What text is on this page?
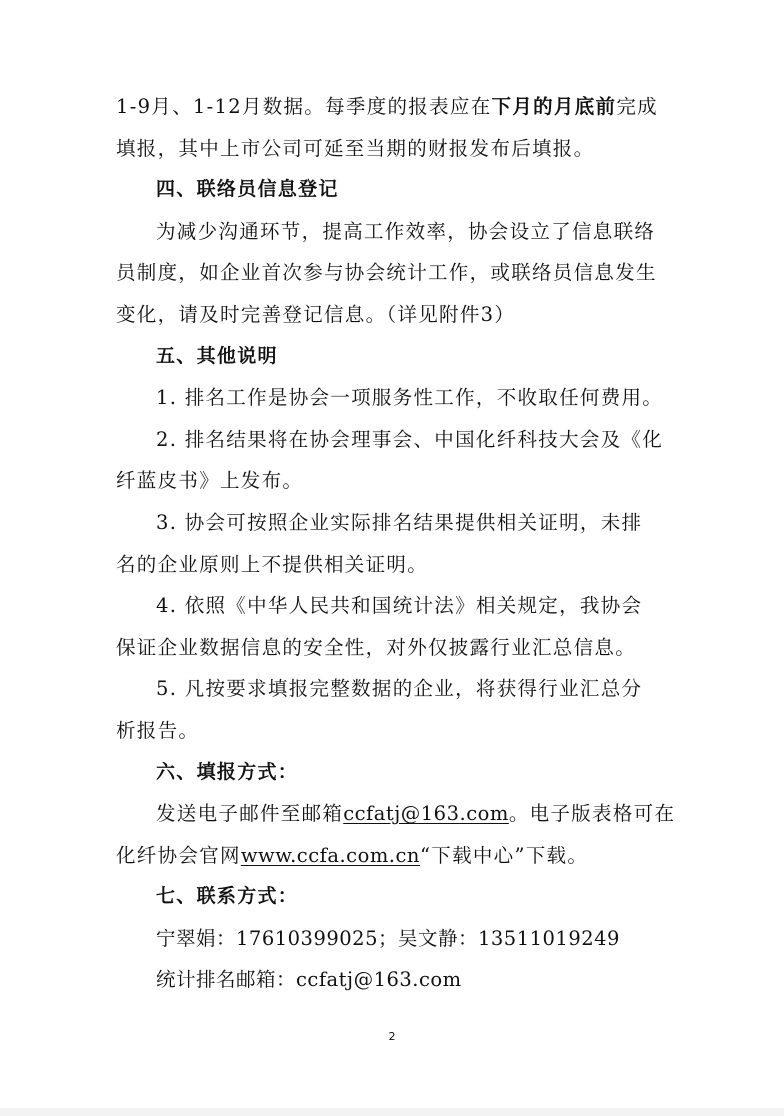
1-9月、1-12月数据。每季度的报表应在下月的月底前完成
填报，其中上市公司可延至当期的财报发布后填报。
四、联络员信息登记
为减少沟通环节，提高工作效率，协会设立了信息联络
员制度，如企业首次参与协会统计工作，或联络员信息发生
变化，请及时完善登记信息。（详见附件3）
五、其他说明
1. 排名工作是协会一项服务性工作，不收取任何费用。
2. 排名结果将在协会理事会、中国化纤科技大会及《化
纤蓝皮书》上发布。
3. 协会可按照企业实际排名结果提供相关证明，未排
名的企业原则上不提供相关证明。
4. 依照《中华人民共和国统计法》相关规定，我协会
保证企业数据信息的安全性，对外仅披露行业汇总信息。
5. 凡按要求填报完整数据的企业，将获得行业汇总分
析报告。
六、填报方式：
发送电子邮件至邮箱ccfatj@163.com。电子版表格可在
化纤协会官网www.ccfa.com.cn“下载中心”下载。
七、联系方式：
宁翠娟：17610399025；吴文静：13511019249
统计排名邮箱：ccfatj@163.com
2
